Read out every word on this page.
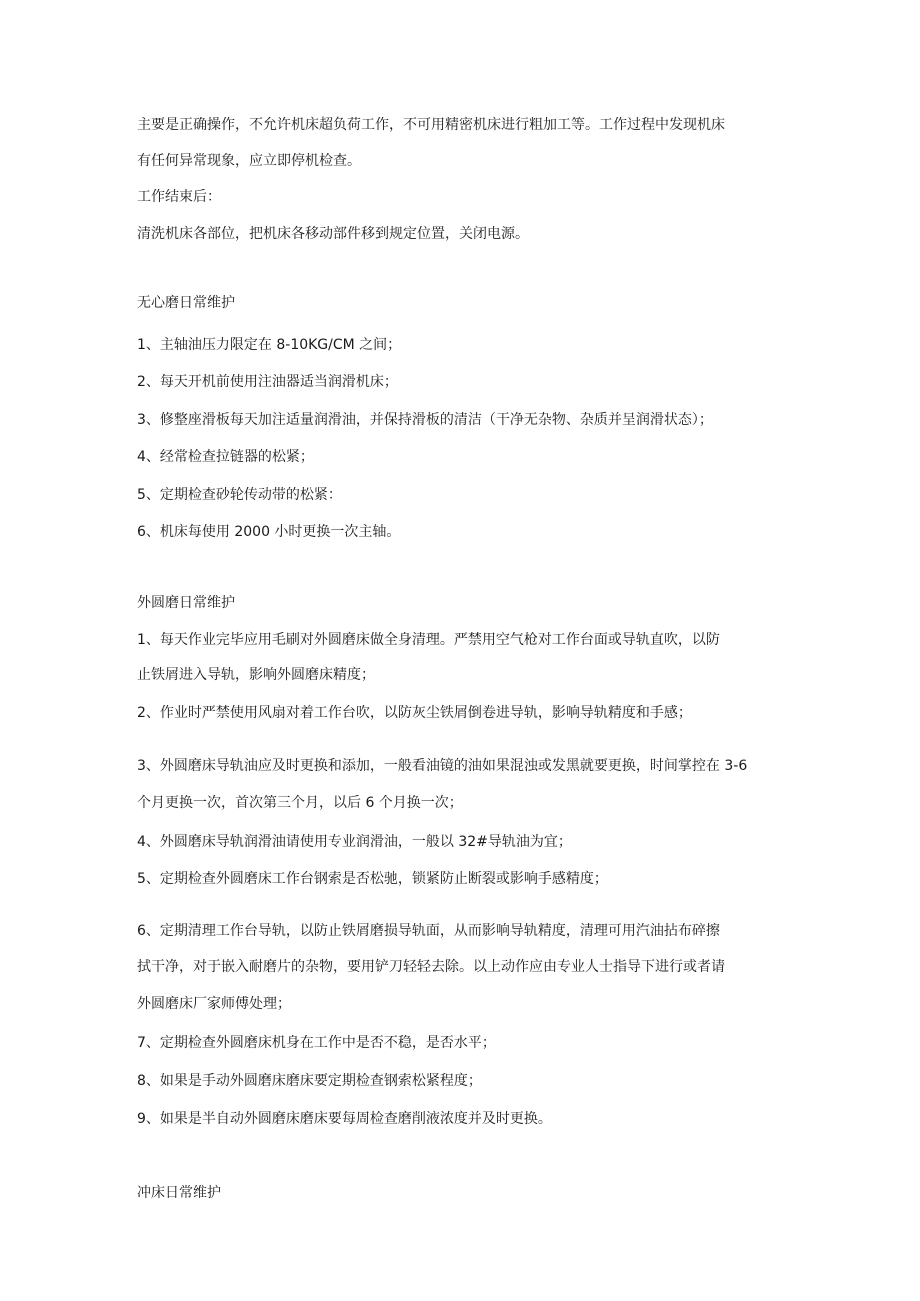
主要是正确操作，不允许机床超负荷工作，不可用精密机床进行粗加工等。工作过程中发现机床

有任何异常现象，应立即停机检查。

工作结束后：

清洗机床各部位，把机床各移动部件移到规定位置，关闭电源。

无心磨日常维护

1、主轴油压力限定在 8-10KG/CM 之间；

2、每天开机前使用注油器适当润滑机床；

3、修整座滑板每天加注适量润滑油，并保持滑板的清洁（干净无杂物、杂质并呈润滑状态）；

4、经常检查拉链器的松紧；

5、定期检查砂轮传动带的松紧：

6、机床每使用 2000 小时更换一次主轴。

外圆磨日常维护

1、每天作业完毕应用毛刷对外圆磨床做全身清理。严禁用空气枪对工作台面或导轨直吹，以防

止铁屑进入导轨，影响外圆磨床精度；

2、作业时严禁使用风扇对着工作台吹，以防灰尘铁屑倒卷进导轨，影响导轨精度和手感；

3、外圆磨床导轨油应及时更换和添加，一般看油镜的油如果混浊或发黑就要更换，时间掌控在 3-6

个月更换一次，首次第三个月，以后 6 个月换一次；

4、外圆磨床导轨润滑油请使用专业润滑油，一般以 32#导轨油为宜；

5、定期检查外圆磨床工作台钢索是否松驰，锁紧防止断裂或影响手感精度；

6、定期清理工作台导轨，以防止铁屑磨损导轨面，从而影响导轨精度，清理可用汽油拈布碎擦

拭干净，对于嵌入耐磨片的杂物，要用铲刀轻轻去除。以上动作应由专业人士指导下进行或者请

外圆磨床厂家师傅处理；

7、定期检查外圆磨床机身在工作中是否不稳，是否水平；

8、如果是手动外圆磨床磨床要定期检查钢索松紧程度；

9、如果是半自动外圆磨床磨床要每周检查磨削液浓度并及时更换。

冲床日常维护
